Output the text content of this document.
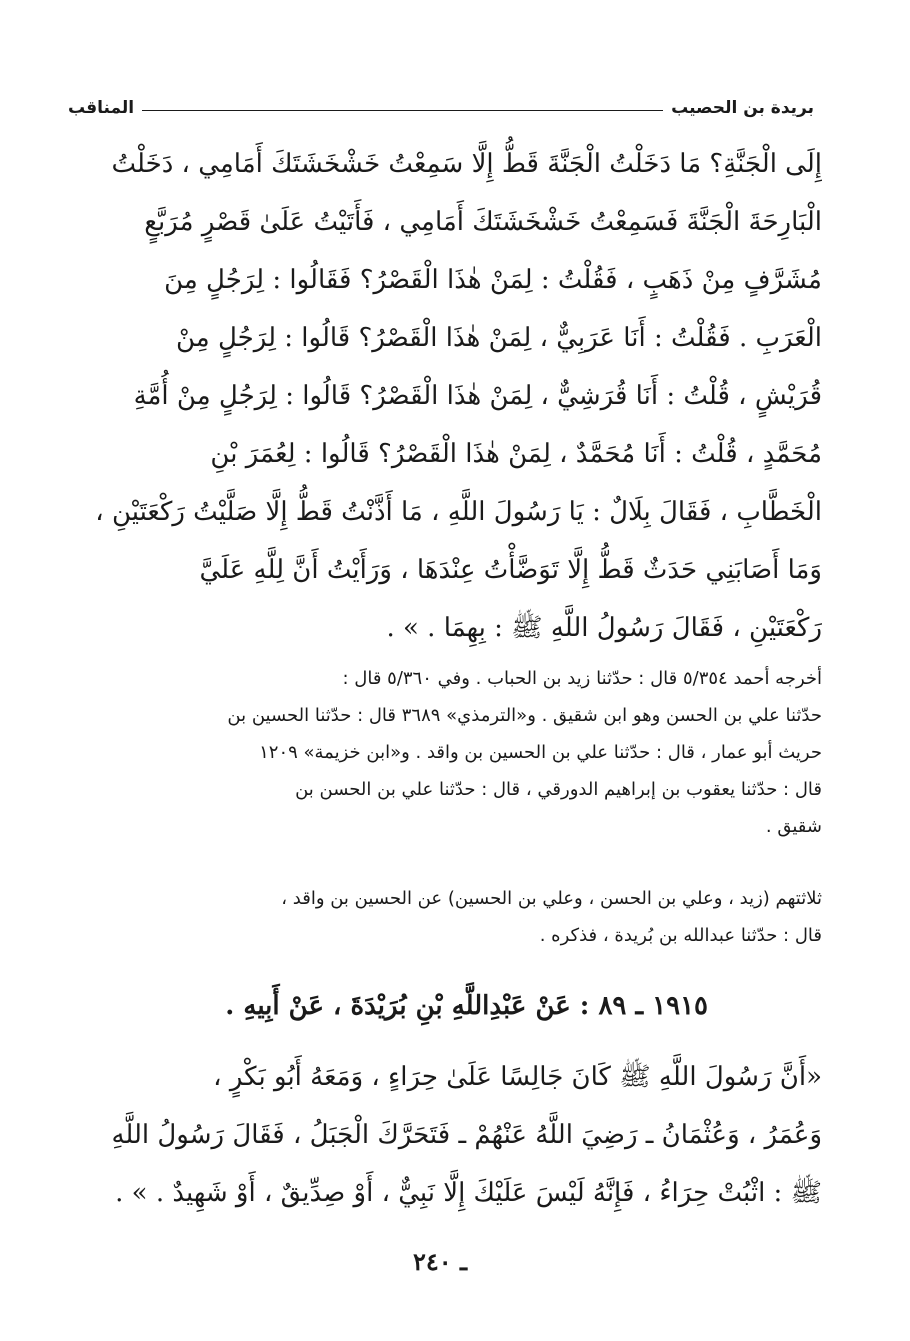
بريدة بن الحصيب
المناقب
إِلَى الْجَنَّةِ؟ مَا دَخَلْتُ الْجَنَّةَ قَطُّ إِلَّا سَمِعْتُ خَشْخَشَتَكَ أَمَامِي ، دَخَلْتُ
الْبَارِحَةَ الْجَنَّةَ فَسَمِعْتُ خَشْخَشَتَكَ أَمَامِي ، فَأَتَيْتُ عَلَىٰ قَصْرٍ مُرَبَّعٍ
مُشَرَّفٍ مِنْ ذَهَبٍ ، فَقُلْتُ : لِمَنْ هٰذَا الْقَصْرُ؟ فَقَالُوا : لِرَجُلٍ مِنَ
الْعَرَبِ . فَقُلْتُ : أَنَا عَرَبِيٌّ ، لِمَنْ هٰذَا الْقَصْرُ؟ قَالُوا : لِرَجُلٍ مِنْ
قُرَيْشٍ ، قُلْتُ : أَنَا قُرَشِيٌّ ، لِمَنْ هٰذَا الْقَصْرُ؟ قَالُوا : لِرَجُلٍ مِنْ أُمَّةِ
مُحَمَّدٍ ، قُلْتُ : أَنَا مُحَمَّدٌ ، لِمَنْ هٰذَا الْقَصْرُ؟ قَالُوا : لِعُمَرَ بْنِ
الْخَطَّابِ ، فَقَالَ بِلَالٌ : يَا رَسُولَ اللَّهِ ، مَا أَذَّنْتُ قَطُّ إِلَّا صَلَّيْتُ رَكْعَتَيْنِ ،
وَمَا أَصَابَنِي حَدَثٌ قَطُّ إِلَّا تَوَضَّأْتُ عِنْدَهَا ، وَرَأَيْتُ أَنَّ لِلَّهِ عَلَيَّ
رَكْعَتَيْنِ ، فَقَالَ رَسُولُ اللَّهِ ﷺ : بِهِمَا . » .
أخرجه أحمد ٥/٣٥٤ قال : حدّثنا زيد بن الحباب . وفي ٥/٣٦٠ قال :
حدّثنا علي بن الحسن وهو ابن شقيق . و«الترمذي» ٣٦٨٩ قال : حدّثنا الحسين بن
حريث أبو عمار ، قال : حدّثنا علي بن الحسين بن واقد . و«ابن خزيمة» ١٢٠٩
قال : حدّثنا يعقوب بن إبراهيم الدورقي ، قال : حدّثنا علي بن الحسن بن
شقيق .
ثلاثتهم (زيد ، وعلي بن الحسن ، وعلي بن الحسين) عن الحسين بن واقد ،
قال : حدّثنا عبدالله بن بُريدة ، فذكره .
١٩١٥ ـ ٨٩ : عَنْ عَبْدِاللَّهِ بْنِ بُرَيْدَةَ ، عَنْ أَبِيهِ .
«أَنَّ رَسُولَ اللَّهِ ﷺ كَانَ جَالِسًا عَلَىٰ حِرَاءٍ ، وَمَعَهُ أَبُو بَكْرٍ ،
وَعُمَرُ ، وَعُثْمَانُ ـ رَضِيَ اللَّهُ عَنْهُمْ ـ فَتَحَرَّكَ الْجَبَلُ ، فَقَالَ رَسُولُ اللَّهِ
ﷺ : اثْبُتْ حِرَاءُ ، فَإِنَّهُ لَيْسَ عَلَيْكَ إِلَّا نَبِيٌّ ، أَوْ صِدِّيقٌ ، أَوْ شَهِيدٌ . » .
ـ ٢٤٠
